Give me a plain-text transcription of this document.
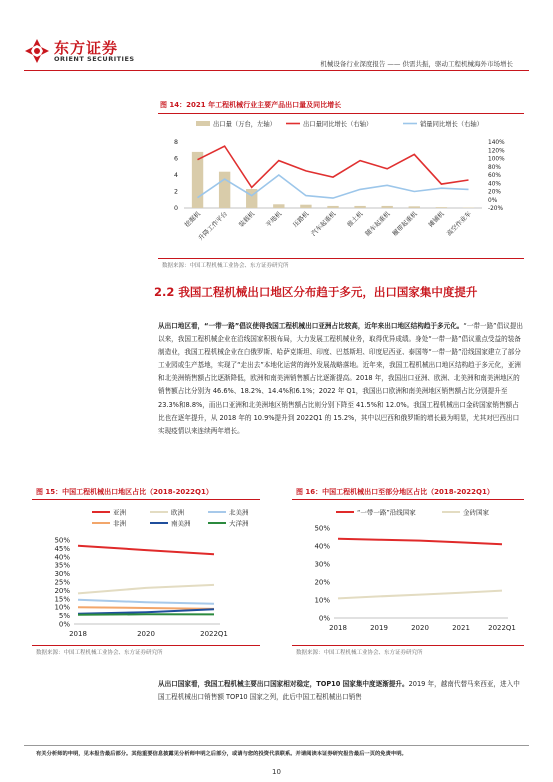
东方证券
ORIENT SECURITIES
机械设备行业深度报告 —— 供需共振，驱动工程机械海外市场增长
图 14：2021 年工程机械行业主要产品出口量及同比增长
出口量（万台，左轴）	出口量同比增长（右轴）	销量同比增长（右轴）
0
2
4
6
8
-20%
0%
20%
40%
60%
80%
100%
120%
140%
挖掘机
升降工作平台 装载机 平地机 压路机 汽车起重机 推土机 随车起重机 履带起重机 摊铺机 高空作业车
数据来源：中国工程机械工业协会、东方证券研究所
2.2 我国工程机械出口地区分布趋于多元，出口国家集中度提升
从出口地区看，“一带一路”倡议使得我国工程机械出口亚洲占比较高，近年来出口地区结构趋于多元化。“一带一路”倡议提出以来，我国工程机械企业在沿线国家积极布局，大力发展工程机械业务，取得优异成绩。身处“一带一路”倡议重点受益的装备制造业，我国工程机械企业在白俄罗斯、哈萨克斯坦、印度、巴基斯坦、印度尼西亚、泰国等“一带一路”沿线国家建立了部分工业园或生产基地，实现了“走出去”本地化运营的海外发展战略落地。近年来，我国工程机械出口地区结构趋于多元化，亚洲和北美洲销售额占比逐渐降低，欧洲和南美洲销售额占比逐渐提高。2018 年，我国出口亚洲、欧洲、北美洲和南美洲地区的销售额占比分别为 46.6%、18.2%、14.4%和6.1%；2022 年 Q1，我国出口欧洲和南美洲地区销售额占比分别提升至23.3%和8.8%，而出口亚洲和北美洲地区销售额占比则分别下降至 41.5%和 12.0%。我国工程机械出口金砖国家销售额占比也在逐年提升，从 2018 年的 10.9%提升到 2022Q1 的 15.2%，其中以巴西和俄罗斯的增长最为明显，尤其对巴西出口实现疫情以来连续两年增长。
图 15：中国工程机械出口地区占比（2018-2022Q1）
亚洲	欧洲	北美洲
非洲	南美洲	大洋洲
0%
5%
10%
15%
20%
25%
30%
35%
40%
45%
50%
2018	2020	2022Q1
数据来源：中国工程机械工业协会、东方证券研究所
图 16：中国工程机械出口至部分地区占比（2018-2022Q1）
“一带一路”沿线国家	金砖国家
0%
10%
20%
30%
40%
50%
2018	2019	2020	2021	2022Q1
数据来源：中国工程机械工业协会、东方证券研究所
从出口国家看，我国工程机械主要出口国家相对稳定，TOP10 国家集中度逐渐提升。2019 年，越南代替马来西亚，进入中国工程机械出口销售额 TOP10 国家之列，此后中国工程机械出口销售
有关分析师的申明，见本报告最后部分。其他重要信息披露见分析师申明之后部分，或请与您的投资代表联系。并请阅读本证券研究报告最后一页的免责申明。
10
